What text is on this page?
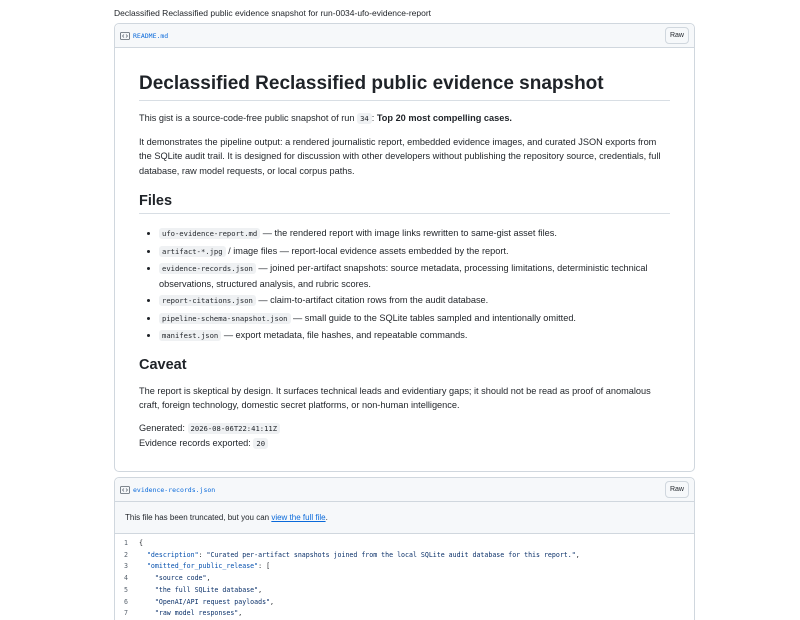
Declassified Reclassified public evidence snapshot for run-0034-ufo-evidence-report
README.md	Raw
Declassified Reclassified public evidence snapshot

This gist is a source-code-free public snapshot of run 34 : Top 20 most compelling cases.

It demonstrates the pipeline output: a rendered journalistic report, embedded evidence images, and curated JSON exports from the SQLite audit trail. It is designed for discussion with other developers without publishing the repository source, credentials, full database, raw model requests, or local corpus paths.

Files
• ufo-evidence-report.md — the rendered report with image links rewritten to same-gist asset files.
• artifact-*.jpg / image files — report-local evidence assets embedded by the report.
• evidence-records.json — joined per-artifact snapshots: source metadata, processing limitations, deterministic technical observations, structured analysis, and rubric scores.
• report-citations.json — claim-to-artifact citation rows from the audit database.
• pipeline-schema-snapshot.json — small guide to the SQLite tables sampled and intentionally omitted.
• manifest.json — export metadata, file hashes, and repeatable commands.
Caveat

The report is skeptical by design. It surfaces technical leads and evidentiary gaps; it should not be read as proof of anomalous craft, foreign technology, domestic secret platforms, or non-human intelligence.

Generated: 2026-08-06T22:41:11Z
Evidence records exported: 20
evidence-records.json	Raw
This file has been truncated, but you can view the full file.
1	{
2	"description": "Curated per-artifact snapshots joined from the local SQLite audit database for this report.",
3	"omitted_for_public_release": [
4	"source code",
5	"the full SQLite database",
6	"OpenAI/API request payloads",
7	"raw model responses",
